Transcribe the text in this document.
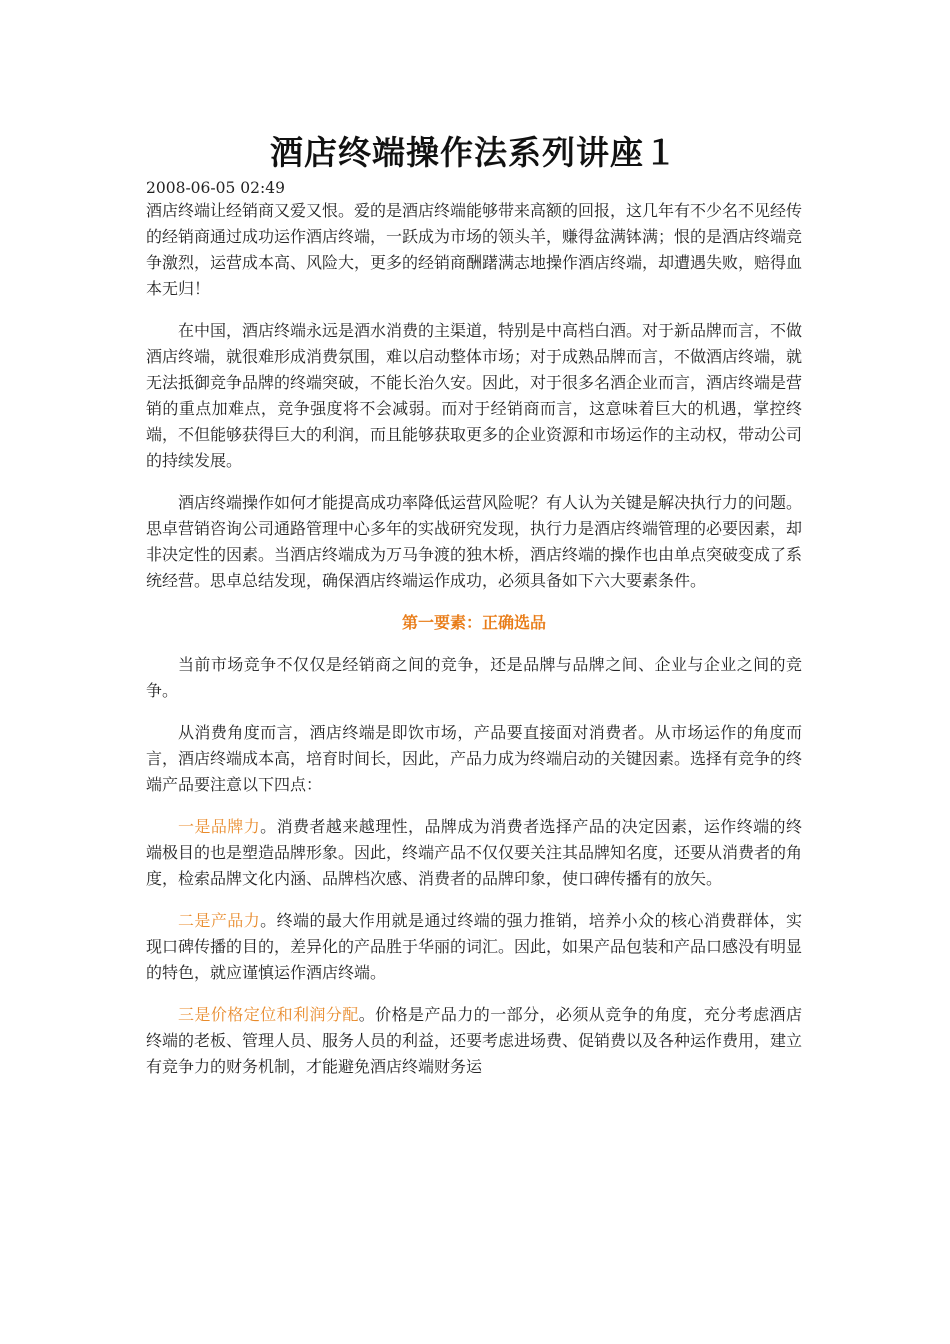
酒店终端操作法系列讲座１
2008-06-05 02:49

酒店终端让经销商又爱又恨。爱的是酒店终端能够带来高额的回报，这几年有不少名不见经传的经销商通过成功运作酒店终端，一跃成为市场的领头羊，赚得盆满钵满；恨的是酒店终端竞争激烈，运营成本高、风险大，更多的经销商酬躇满志地操作酒店终端，却遭遇失败，赔得血本无归！

在中国，酒店终端永远是酒水消费的主渠道，特别是中高档白酒。对于新品牌而言，不做酒店终端，就很难形成消费氛围，难以启动整体市场；对于成熟品牌而言，不做酒店终端，就无法抵御竞争品牌的终端突破，不能长治久安。因此，对于很多名酒企业而言，酒店终端是营销的重点加难点，竞争强度将不会减弱。而对于经销商而言，这意味着巨大的机遇，掌控终端，不但能够获得巨大的利润，而且能够获取更多的企业资源和市场运作的主动权，带动公司的持续发展。

酒店终端操作如何才能提高成功率降低运营风险呢？有人认为关键是解决执行力的问题。思卓营销咨询公司通路管理中心多年的实战研究发现，执行力是酒店终端管理的必要因素，却非决定性的因素。当酒店终端成为万马争渡的独木桥，酒店终端的操作也由单点突破变成了系统经营。思卓总结发现，确保酒店终端运作成功，必须具备如下六大要素条件。

第一要素：正确选品

当前市场竞争不仅仅是经销商之间的竞争，还是品牌与品牌之间、企业与企业之间的竞争。

从消费角度而言，酒店终端是即饮市场，产品要直接面对消费者。从市场运作的角度而言，酒店终端成本高，培育时间长，因此，产品力成为终端启动的关键因素。选择有竞争的终端产品要注意以下四点：

一是品牌力。消费者越来越理性，品牌成为消费者选择产品的决定因素，运作终端的终端极目的也是塑造品牌形象。因此，终端产品不仅仅要关注其品牌知名度，还要从消费者的角度，检索品牌文化内涵、品牌档次感、消费者的品牌印象，使口碑传播有的放矢。

二是产品力。终端的最大作用就是通过终端的强力推销，培养小众的核心消费群体，实现口碑传播的目的，差异化的产品胜于华丽的词汇。因此，如果产品包装和产品口感没有明显的特色，就应谨慎运作酒店终端。

三是价格定位和利润分配。价格是产品力的一部分，必须从竞争的角度，充分考虑酒店终端的老板、管理人员、服务人员的利益，还要考虑进场费、促销费以及各种运作费用，建立有竞争力的财务机制，才能避免酒店终端财务运
